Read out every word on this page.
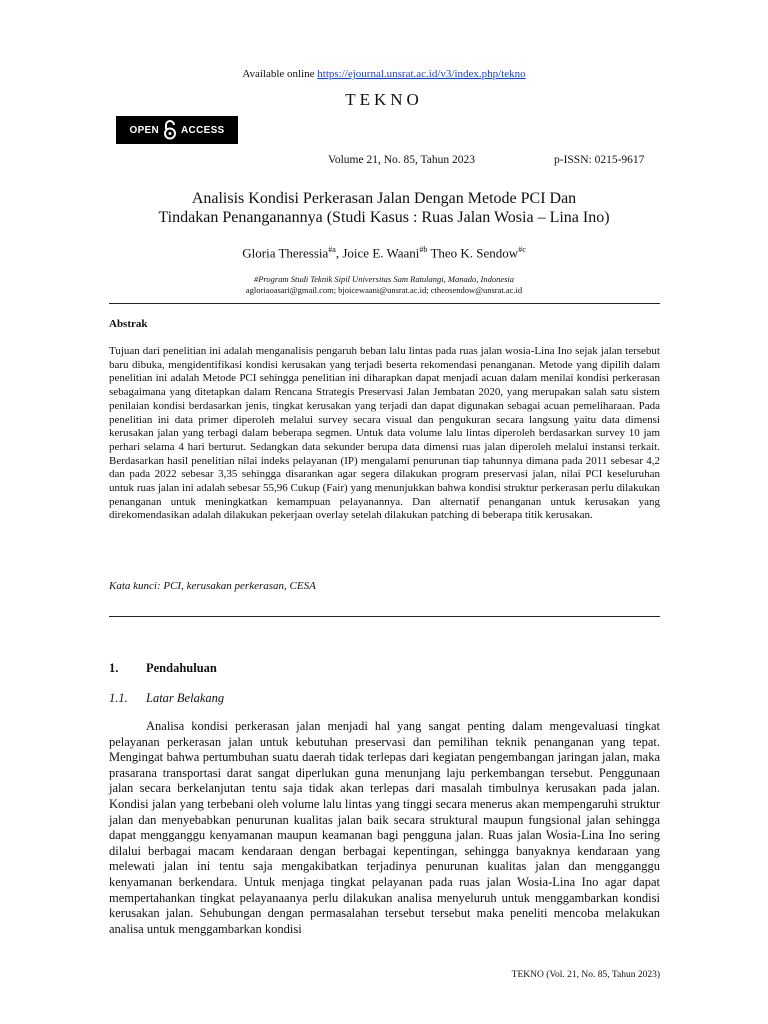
Available online https://ejournal.unsrat.ac.id/v3/index.php/tekno
TEKNO
OPEN ACCESS
Volume 21, No. 85, Tahun 2023	p-ISSN: 0215-9617
Analisis Kondisi Perkerasan Jalan Dengan Metode PCI Dan
Tindakan Penanganannya (Studi Kasus : Ruas Jalan Wosia – Lina Ino)
Gloria Theressia$^{\#a}$, Joice E. Waani$^{\#b}$ Theo K. Sendow$^{\#c}$
#Program Studi Teknik Sipil Universitas Sam Ratulangi, Manado, Indonesia
agloriaoasari@gmail.com; bjoicewaani@unsrat.ac.id; ctheosendow@unsrat.ac.id
Abstrak
Tujuan dari penelitian ini adalah menganalisis pengaruh beban lalu lintas pada ruas jalan wosia-Lina Ino sejak jalan tersebut baru dibuka, mengidentifikasi kondisi kerusakan yang terjadi beserta rekomendasi penanganan. Metode yang dipilih dalam penelitian ini adalah Metode PCI sehingga penelitian ini diharapkan dapat menjadi acuan dalam menilai kondisi perkerasan sebagaimana yang ditetapkan dalam Rencana Strategis Preservasi Jalan Jembatan 2020, yang merupakan salah satu sistem penilaian kondisi berdasarkan jenis, tingkat kerusakan yang terjadi dan dapat digunakan sebagai acuan pemeliharaan. Pada penelitian ini data primer diperoleh melalui survey secara visual dan pengukuran secara langsung yaitu data dimensi kerusakan jalan yang terbagi dalam beberapa segmen. Untuk data volume lalu lintas diperoleh berdasarkan survey 10 jam perhari selama 4 hari berturut. Sedangkan data sekunder berupa data dimensi ruas jalan diperoleh melalui instansi terkait. Berdasarkan hasil penelitian nilai indeks pelayanan (IP) mengalami penurunan tiap tahunnya dimana pada 2011 sebesar 4,2 dan pada 2022 sebesar 3,35 sehingga disarankan agar segera dilakukan program preservasi jalan, nilai PCI keseluruhan untuk ruas jalan ini adalah sebesar 55,96 Cukup (Fair) yang menunjukkan bahwa kondisi struktur perkerasan perlu dilakukan penanganan untuk meningkatkan kemampuan pelayanannya. Dan alternatif penanganan untuk kerusakan yang direkomendasikan adalah dilakukan pekerjaan overlay setelah dilakukan patching di beberapa titik kerusakan.
Kata kunci: PCI, kerusakan perkerasan, CESA
1. Pendahuluan
1.1. Latar Belakang
Analisa kondisi perkerasan jalan menjadi hal yang sangat penting dalam mengevaluasi tingkat pelayanan perkerasan jalan untuk kebutuhan preservasi dan pemilihan teknik penanganan yang tepat. Mengingat bahwa pertumbuhan suatu daerah tidak terlepas dari kegiatan pengembangan jaringan jalan, maka prasarana transportasi darat sangat diperlukan guna menunjang laju perkembangan tersebut. Penggunaan jalan secara berkelanjutan tentu saja tidak akan terlepas dari masalah timbulnya kerusakan pada jalan. Kondisi jalan yang terbebani oleh volume lalu lintas yang tinggi secara menerus akan mempengaruhi struktur jalan dan menyebabkan penurunan kualitas jalan baik secara struktural maupun fungsional jalan sehingga dapat mengganggu kenyamanan maupun keamanan bagi pengguna jalan. Ruas jalan Wosia-Lina Ino sering dilalui berbagai macam kendaraan dengan berbagai kepentingan, sehingga banyaknya kendaraan yang melewati jalan ini tentu saja mengakibatkan terjadinya penurunan kualitas jalan dan mengganggu kenyamanan berkendara. Untuk menjaga tingkat pelayanan pada ruas jalan Wosia-Lina Ino agar dapat mempertahankan tingkat pelayanaanya perlu dilakukan analisa menyeluruh untuk menggambarkan kondisi kerusakan jalan. Sehubungan dengan permasalahan tersebut tersebut maka peneliti mencoba melakukan analisa untuk menggambarkan kondisi
TEKNO (Vol. 21, No. 85, Tahun 2023)
